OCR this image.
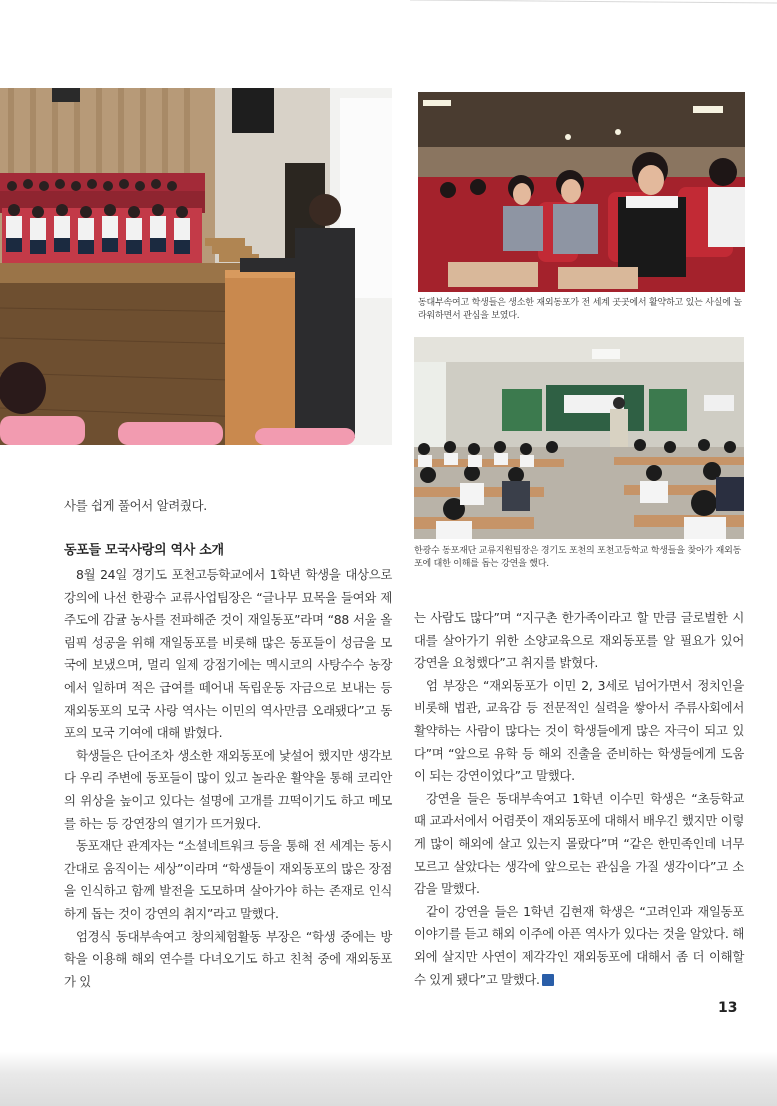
동대부속여고 학생들은 생소한 재외동포가 전 세계 곳곳에서 활약하고 있는 사실에 놀라워하면서 관심을 보였다.
한광수 동포재단 교류지원팀장은 경기도 포천의 포천고등학교 학생들을 찾아가 재외동포에 대한 이해를 돕는 강연을 했다.

사를 쉽게 풀어서 알려줬다.

동포들 모국사랑의 역사 소개

8월 24일 경기도 포천고등학교에서 1학년 학생을 대상으로 강의에 나선 한광수 교류사업팀장은 “글나무 묘목을 들여와 제주도에 감귤 농사를 전파해준 것이 재일동포”라며 “88 서울 올림픽 성공을 위해 재일동포를 비롯해 많은 동포들이 성금을 모국에 보냈으며, 멀리 일제 강점기에는 멕시코의 사탕수수 농장에서 일하며 적은 급여를 떼어내 독립운동 자금으로 보내는 등 재외동포의 모국 사랑 역사는 이민의 역사만큼 오래됐다”고 동포의 모국 기여에 대해 밝혔다.

학생들은 단어조차 생소한 재외동포에 낯설어 했지만 생각보다 우리 주변에 동포들이 많이 있고 놀라운 활약을 통해 코리안의 위상을 높이고 있다는 설명에 고개를 끄떡이기도 하고 메모를 하는 등 강연장의 열기가 뜨거웠다.

동포재단 관계자는 “소셜네트워크 등을 통해 전 세계는 동시간대로 움직이는 세상”이라며 “학생들이 재외동포의 많은 장점을 인식하고 함께 발전을 도모하며 살아가야 하는 존재로 인식하게 돕는 것이 강연의 취지”라고 말했다.

엄경식 동대부속여고 창의체험활동 부장은 “학생 중에는 방학을 이용해 해외 연수를 다녀오기도 하고 친척 중에 재외동포가 있

는 사람도 많다”며 “지구촌 한가족이라고 할 만큼 글로벌한 시대를 살아가기 위한 소양교육으로 재외동포를 알 필요가 있어 강연을 요청했다”고 취지를 밝혔다.

엄 부장은 “재외동포가 이민 2, 3세로 넘어가면서 정치인을 비롯해 법관, 교육감 등 전문적인 실력을 쌓아서 주류사회에서 활약하는 사람이 많다는 것이 학생들에게 많은 자극이 되고 있다”며 “앞으로 유학 등 해외 진출을 준비하는 학생들에게 도움이 되는 강연이었다”고 말했다.

강연을 들은 동대부속여고 1학년 이수민 학생은 “초등학교 때 교과서에서 어렴풋이 재외동포에 대해서 배우긴 했지만 이렇게 많이 해외에 살고 있는지 몰랐다”며 “같은 한민족인데 너무 모르고 살았다는 생각에 앞으로는 관심을 가질 생각이다”고 소감을 말했다.

같이 강연을 들은 1학년 김현재 학생은 “고려인과 재일동포 이야기를 듣고 해외 이주에 아픈 역사가 있다는 것을 알았다. 해외에 살지만 사연이 제각각인 재외동포에 대해서 좀 더 이해할 수 있게 됐다”고 말했다. 참

13
